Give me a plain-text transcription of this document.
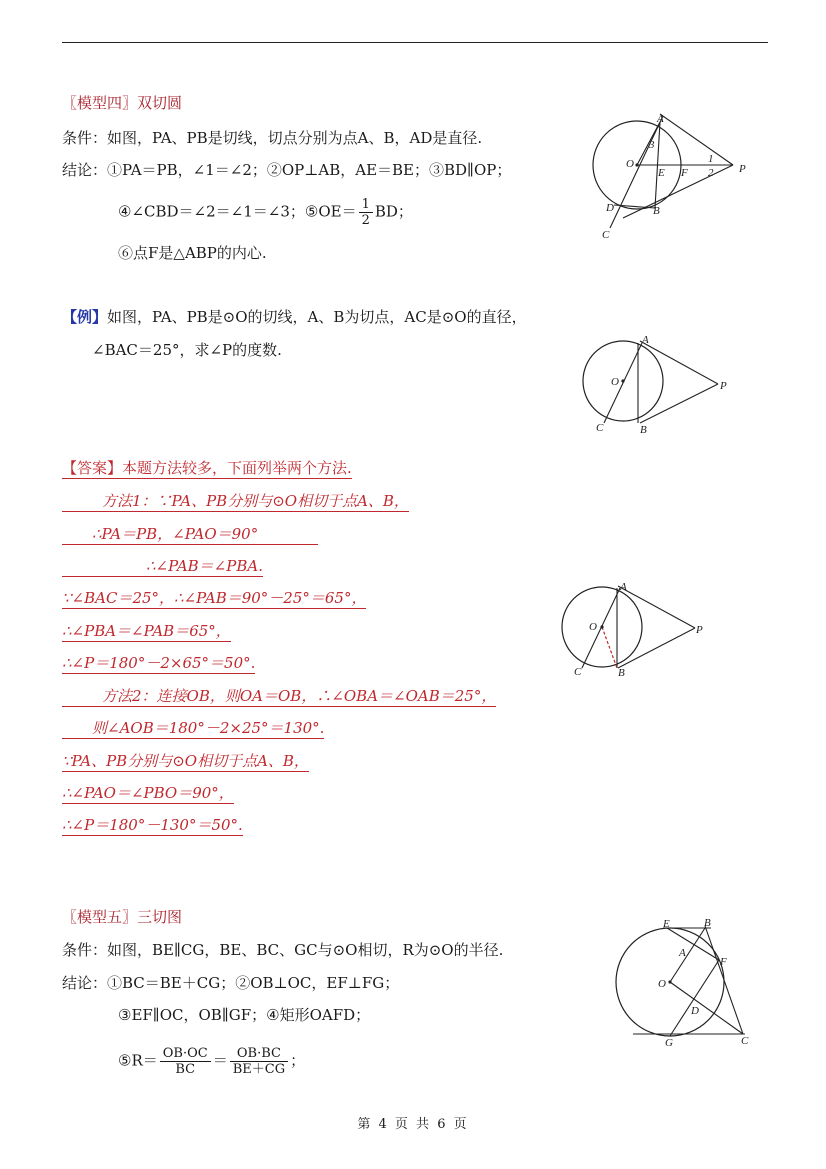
〖模型四〗双切圆
条件：如图，PA、PB是切线，切点分别为点A、B，AD是直径.
结论：①PA＝PB，∠1＝∠2；②OP⊥AB，AE＝BE；③BD∥OP；
④∠CBD＝∠2＝∠1＝∠3；⑤OE＝ $\frac{1}{2}$ BD；
⑥点F是△ABP的内心.
A
3
O
E F
1
2 P
D	B
C
【例】如图，PA、PB是⊙O的切线，A、B为切点，AC是⊙O的直径，
∠BAC＝25°，求∠P的度数.
A
O	P
C	B
【答案】本题方法较多，下面列举两个方法.
方法1：∵PA、PB分别与⊙O相切于点A、B，
∴PA＝PB，∠PAO＝90°
∴∠PAB＝∠PBA.
∵∠BAC＝25°，∴∠PAB＝90°－25°＝65°，
∴∠PBA＝∠PAB＝65°，
∴∠P＝180°－2×65°＝50°.
方法2：连接OB，则OA＝OB，∴∠OBA＝∠OAB＝25°，
则∠AOB＝180°－2×25°＝130°.
∵PA、PB分别与⊙O相切于点A、B，
∴∠PAO＝∠PBO＝90°，
∴∠P＝180°－130°＝50°.
A
O	P
C	B
〖模型五〗三切图
条件：如图，BE∥CG，BE、BC、GC与⊙O相切，R为⊙O的半径.
结论：①BC＝BE＋CG；②OB⊥OC，EF⊥FG；
③EF∥OC，OB∥GF；④矩形OAFD；
⑤R＝ $\frac{OB\cdot OC}{BC} = \frac{OB\cdot BC}{BE+CG}$ ；
E	B
A
F
O
D
G	C
第 4 页 共 6 页
